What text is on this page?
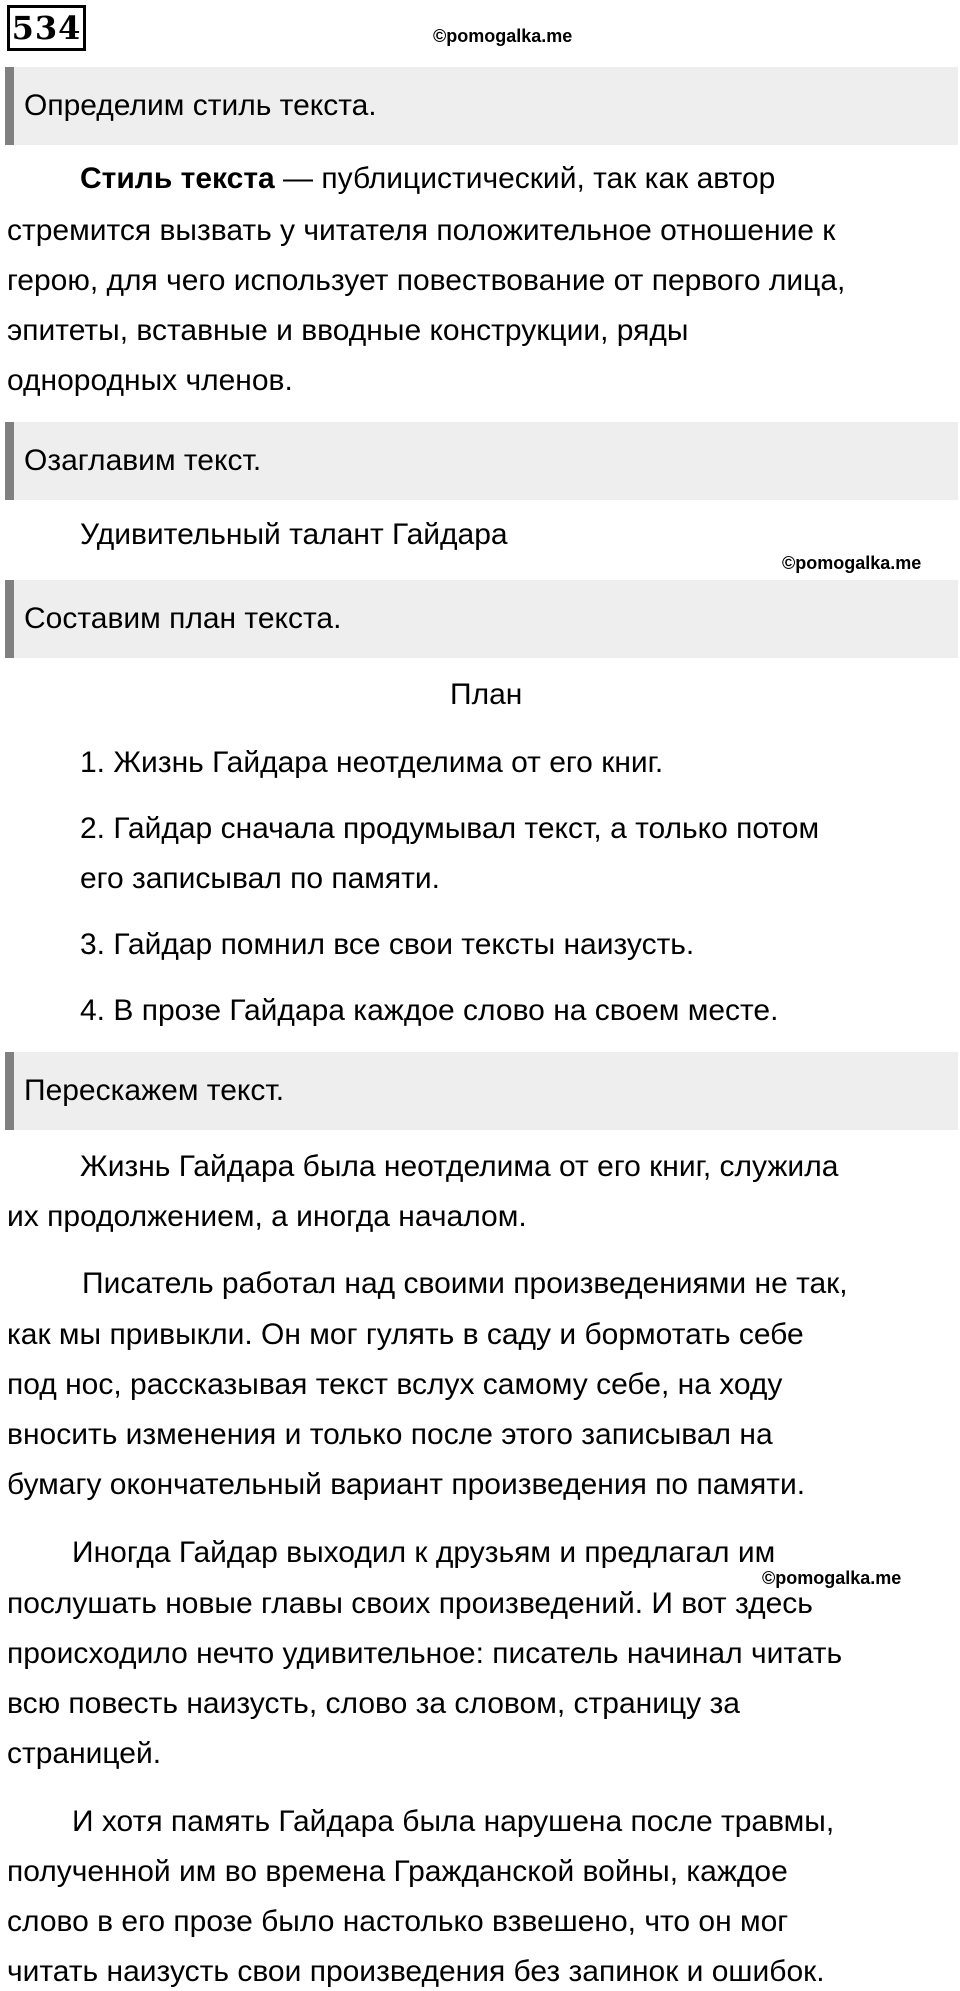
534	©pomogalka.me
Определим стиль текста.
Стиль текста — публицистический, так как автор
стремится вызвать у читателя положительное отношение к
герою, для чего использует повествование от первого лица,
эпитеты, вставные и вводные конструкции, ряды
однородных членов.
Озаглавим текст.
Удивительный талант Гайдара
©pomogalka.me
Составим план текста.
План
1. Жизнь Гайдара неотделима от его книг.
2. Гайдар сначала продумывал текст, а только потом
его записывал по памяти.
3. Гайдар помнил все свои тексты наизусть.
4. В прозе Гайдара каждое слово на своем месте.
Перескажем текст.
Жизнь Гайдара была неотделима от его книг, служила
их продолжением, а иногда началом.
Писатель работал над своими произведениями не так,
как мы привыкли. Он мог гулять в саду и бормотать себе
под нос, рассказывая текст вслух самому себе, на ходу
вносить изменения и только после этого записывал на
бумагу окончательный вариант произведения по памяти.
Иногда Гайдар выходил к друзьям и предлагал им
©pomogalka.me
послушать новые главы своих произведений. И вот здесь
происходило нечто удивительное: писатель начинал читать
всю повесть наизусть, слово за словом, страницу за
страницей.
И хотя память Гайдара была нарушена после травмы,
полученной им во времена Гражданской войны, каждое
слово в его прозе было настолько взвешено, что он мог
читать наизусть свои произведения без запинок и ошибок.
